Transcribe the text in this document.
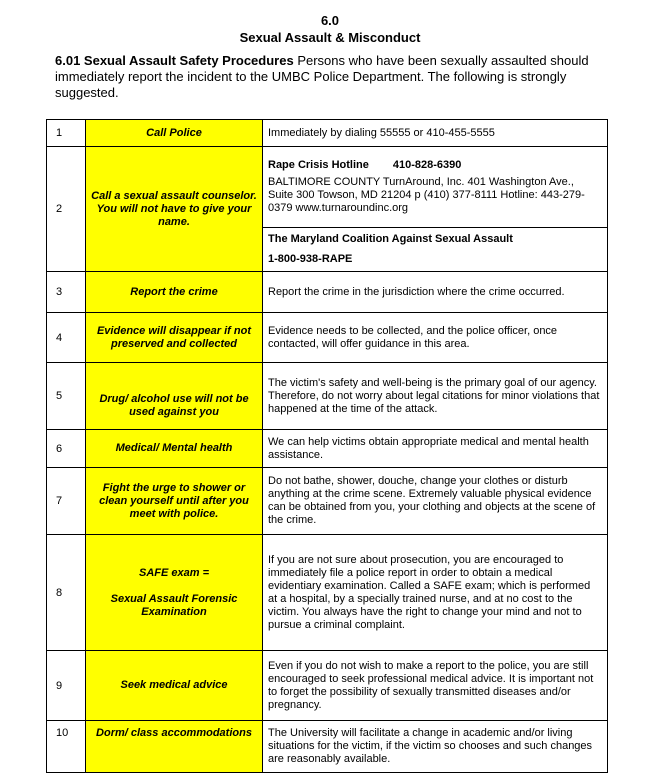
6.0
Sexual Assault & Misconduct
6.01 Sexual Assault Safety Procedures Persons who have been sexually assaulted should immediately report the incident to the UMBC Police Department. The following is strongly suggested.
1	Call Police	Immediately by dialing 55555 or 410-455-5555
2	Call a sexual assault counselor. You will not have to give your name.	Rape Crisis Hotline 410-828-6390
BALTIMORE COUNTY TurnAround, Inc. 401 Washington Ave., Suite 300 Towson, MD 21204 p (410) 377-8111 Hotline: 443-279-0379 www.turnaroundinc.org

		The Maryland Coalition Against Sexual Assault
1-800-938-RAPE

3	Report the crime	Report the crime in the jurisdiction where the crime occurred.
4	Evidence will disappear if not preserved and collected	Evidence needs to be collected, and the police officer, once contacted, will offer guidance in this area.
5	Drug/ alcohol use will not be used against you	The victim's safety and well-being is the primary goal of our agency. Therefore, do not worry about legal citations for minor violations that happened at the time of the attack.
6	Medical/ Mental health	We can help victims obtain appropriate medical and mental health assistance.
7	Fight the urge to shower or clean yourself until after you meet with police.	Do not bathe, shower, douche, change your clothes or disturb anything at the crime scene. Extremely valuable physical evidence can be obtained from you, your clothing and objects at the scene of the crime.
8	SAFE exam =
Sexual Assault Forensic Examination	If you are not sure about prosecution, you are encouraged to immediately file a police report in order to obtain a medical evidentiary examination. Called a SAFE exam; which is performed at a hospital, by a specially trained nurse, and at no cost to the victim. You always have the right to change your mind and not to pursue a criminal complaint.
9	Seek medical advice	Even if you do not wish to make a report to the police, you are still encouraged to seek professional medical advice. It is important not to forget the possibility of sexually transmitted diseases and/or pregnancy.
10	Dorm/ class accommodations	The University will facilitate a change in academic and/or living situations for the victim, if the victim so chooses and such changes are reasonably available.
